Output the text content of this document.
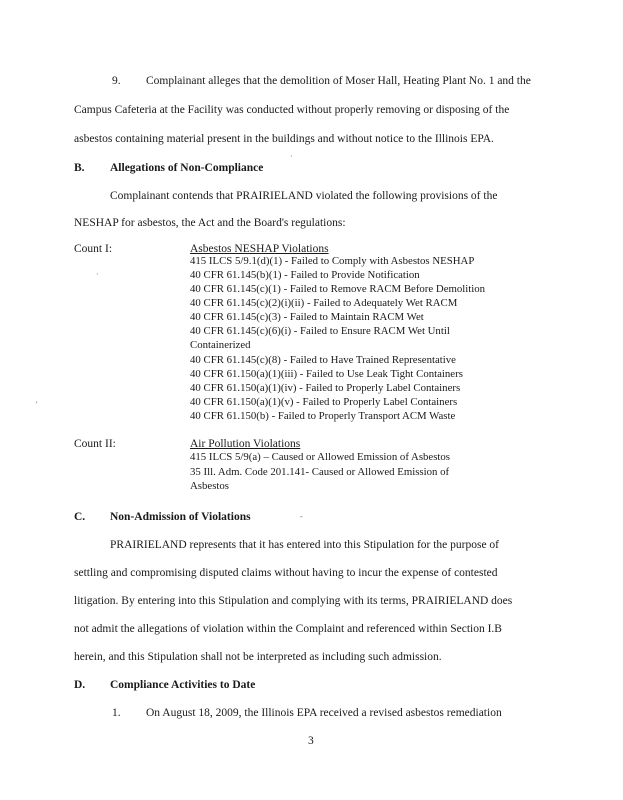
9. Complainant alleges that the demolition of Moser Hall, Heating Plant No. 1 and the
Campus Cafeteria at the Facility was conducted without properly removing or disposing of the
asbestos containing material present in the buildings and without notice to the Illinois EPA.
·
B. Allegations of Non-Compliance
Complainant contends that PRAIRIELAND violated the following provisions of the
NESHAP for asbestos, the Act and the Board's regulations:
Count I:	Asbestos NESHAP Violations
·
415 ILCS 5/9.1(d)(1) - Failed to Comply with Asbestos NESHAP
40 CFR 61.145(b)(1) - Failed to Provide Notification
40 CFR 61.145(c)(1) - Failed to Remove RACM Before Demolition
40 CFR 61.145(c)(2)(i)(ii) - Failed to Adequately Wet RACM
40 CFR 61.145(c)(3) - Failed to Maintain RACM Wet
40 CFR 61.145(c)(6)(i) - Failed to Ensure RACM Wet Until
Containerized
40 CFR 61.145(c)(8) - Failed to Have Trained Representative
40 CFR 61.150(a)(1)(iii) - Failed to Use Leak Tight Containers
40 CFR 61.150(a)(1)(iv) - Failed to Properly Label Containers
40 CFR 61.150(a)(1)(v) - Failed to Properly Label Containers
40 CFR 61.150(b) - Failed to Properly Transport ACM Waste
'
Count II:	Air Pollution Violations
415 ILCS 5/9(a) – Caused or Allowed Emission of Asbestos
35 Ill. Adm. Code 201.141- Caused or Allowed Emission of
Asbestos
C. Non-Admission of Violations	-
PRAIRIELAND represents that it has entered into this Stipulation for the purpose of
settling and compromising disputed claims without having to incur the expense of contested
litigation. By entering into this Stipulation and complying with its terms, PRAIRIELAND does
not admit the allegations of violation within the Complaint and referenced within Section I.B
herein, and this Stipulation shall not be interpreted as including such admission.
D. Compliance Activities to Date
1. On August 18, 2009, the Illinois EPA received a revised asbestos remediation
3
